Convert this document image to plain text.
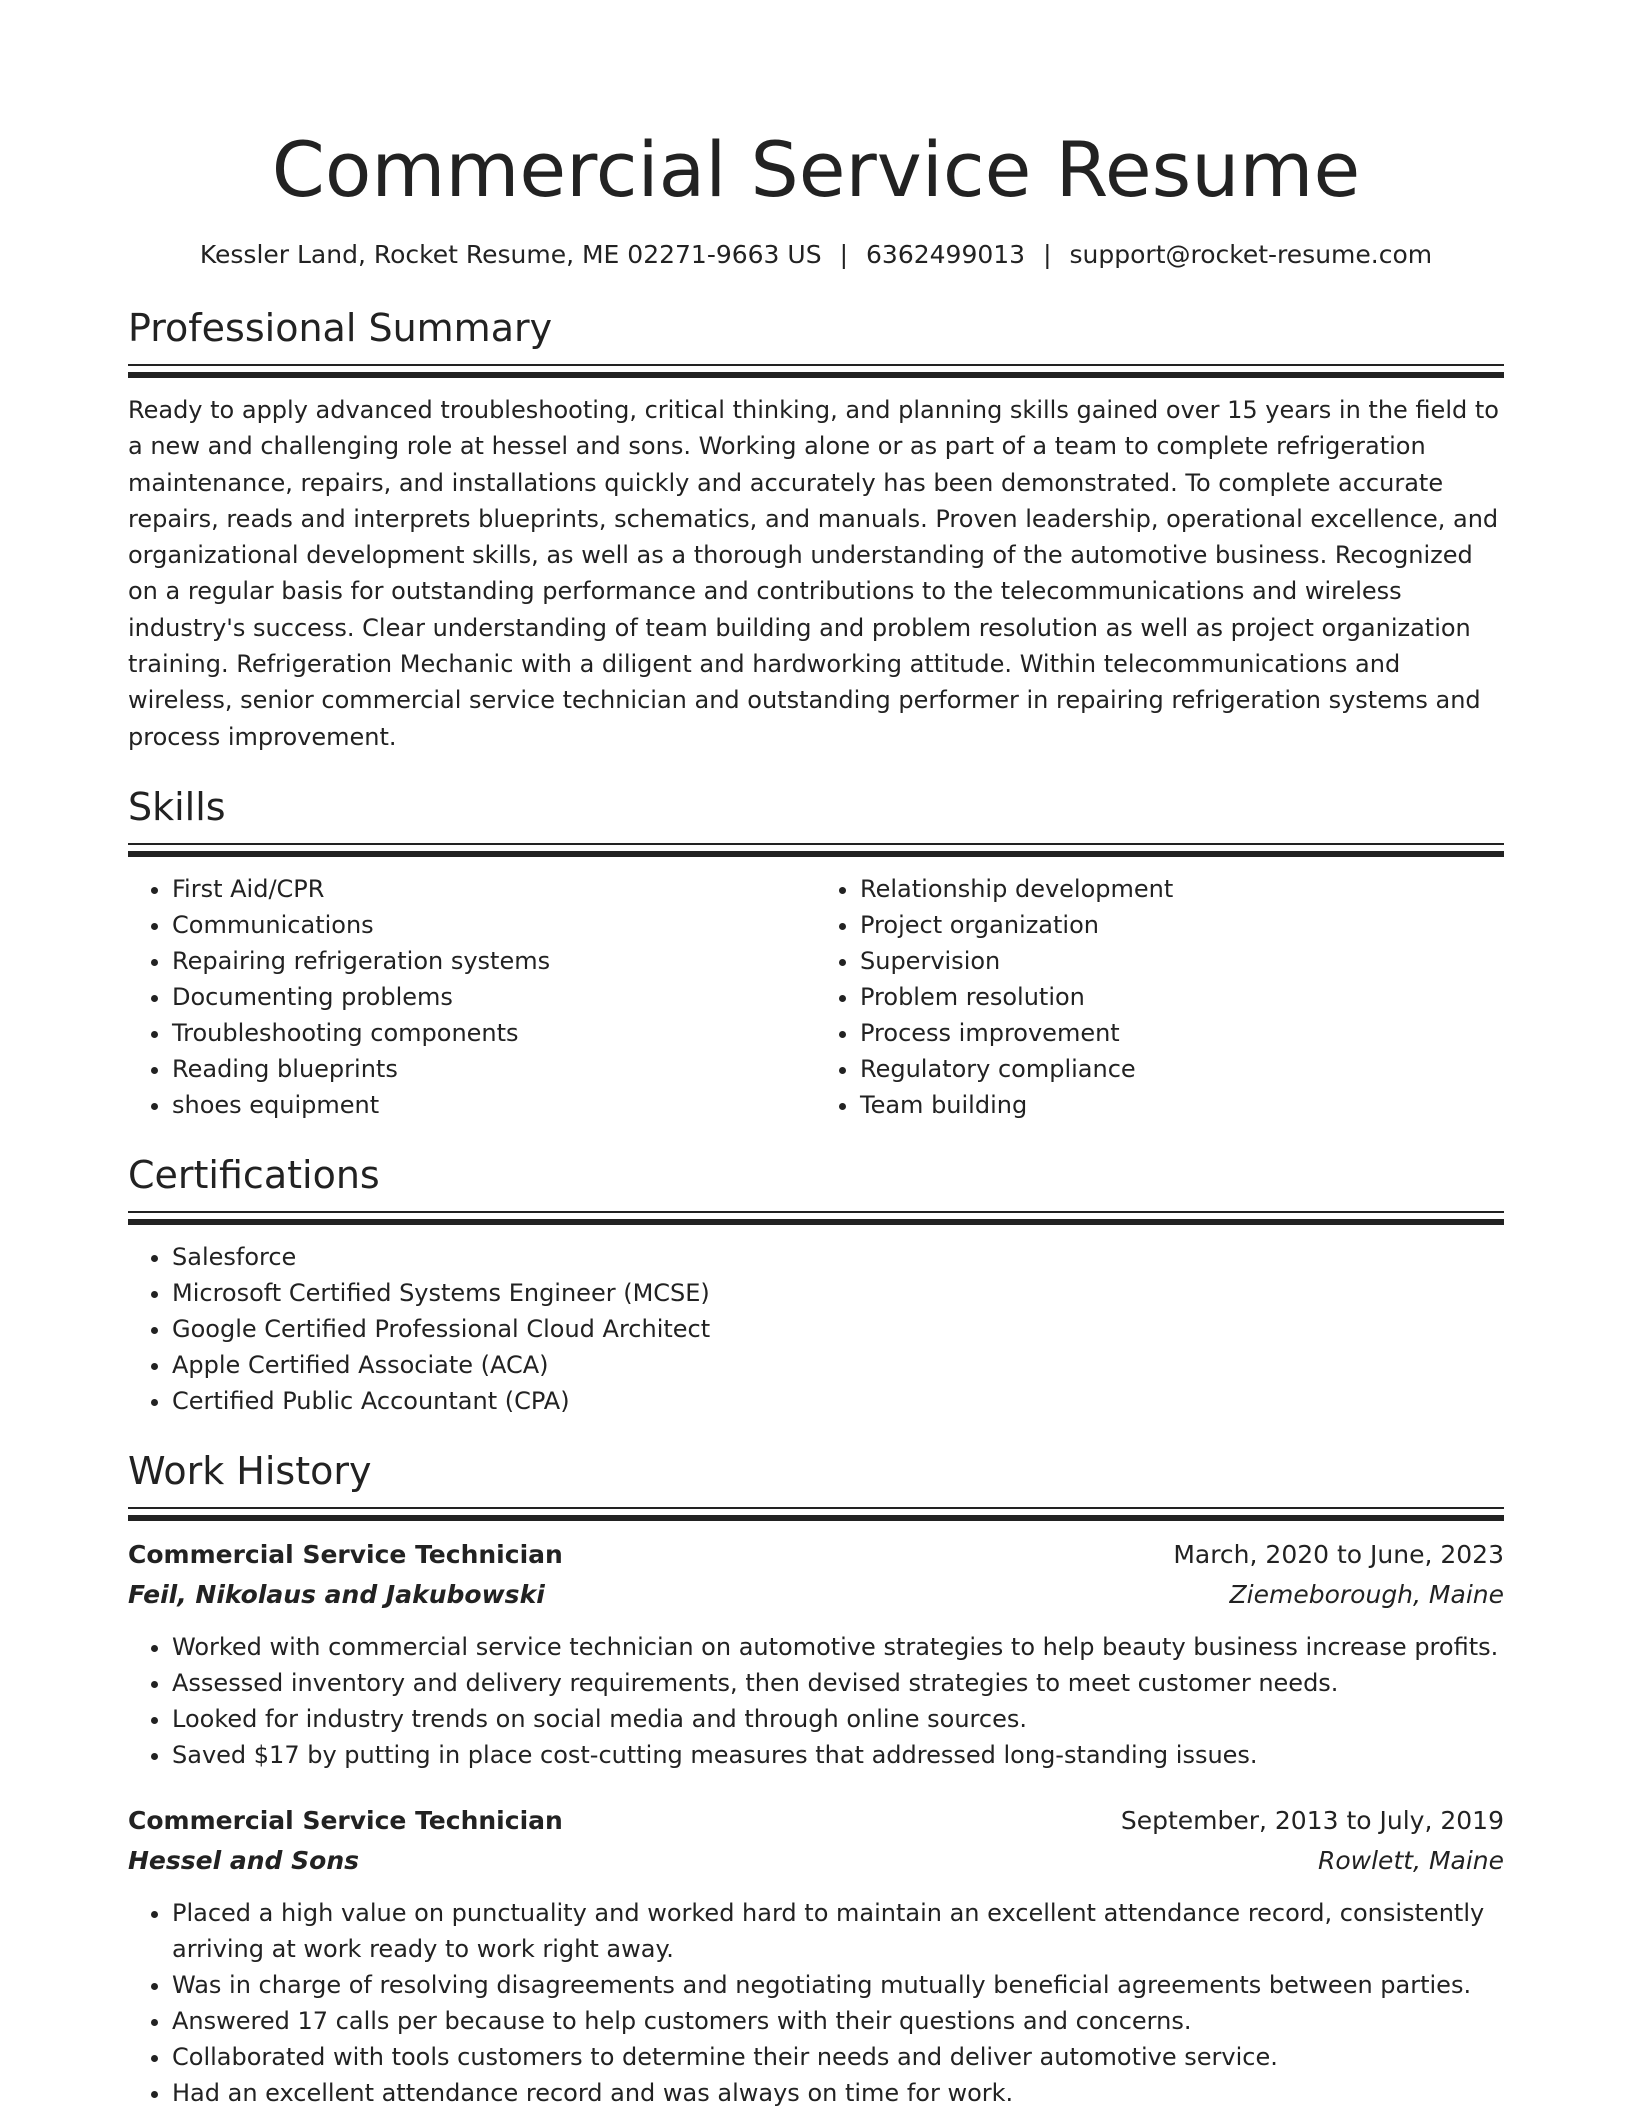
Commercial Service Resume
Kessler Land, Rocket Resume, ME 02271-9663 US | 6362499013 | support@rocket-resume.com
Professional Summary

Ready to apply advanced troubleshooting, critical thinking, and planning skills gained over 15 years in the field to a new and challenging role at hessel and sons. Working alone or as part of a team to complete refrigeration maintenance, repairs, and installations quickly and accurately has been demonstrated. To complete accurate repairs, reads and interprets blueprints, schematics, and manuals. Proven leadership, operational excellence, and organizational development skills, as well as a thorough understanding of the automotive business. Recognized on a regular basis for outstanding performance and contributions to the telecommunications and wireless industry's success. Clear understanding of team building and problem resolution as well as project organization training. Refrigeration Mechanic with a diligent and hardworking attitude. Within telecommunications and wireless, senior commercial service technician and outstanding performer in repairing refrigeration systems and process improvement.

Skills
• First Aid/CPR
• Communications
• Repairing refrigeration systems
• Documenting problems
• Troubleshooting components
• Reading blueprints
• shoes equipment
• Relationship development
• Project organization
• Supervision
• Problem resolution
• Process improvement
• Regulatory compliance
• Team building
Certifications
• Salesforce
• Microsoft Certified Systems Engineer (MCSE)
• Google Certified Professional Cloud Architect
• Apple Certified Associate (ACA)
• Certified Public Accountant (CPA)
Work History
Commercial Service Technician	March, 2020 to June, 2023
Feil, Nikolaus and Jakubowski	Ziemeborough, Maine
• Worked with commercial service technician on automotive strategies to help beauty business increase profits.
• Assessed inventory and delivery requirements, then devised strategies to meet customer needs.
• Looked for industry trends on social media and through online sources.
• Saved $17 by putting in place cost-cutting measures that addressed long-standing issues.
Commercial Service Technician	September, 2013 to July, 2019
Hessel and Sons	Rowlett, Maine
• Placed a high value on punctuality and worked hard to maintain an excellent attendance record, consistently arriving at work ready to work right away.
• Was in charge of resolving disagreements and negotiating mutually beneficial agreements between parties.
• Answered 17 calls per because to help customers with their questions and concerns.
• Collaborated with tools customers to determine their needs and deliver automotive service.
• Had an excellent attendance record and was always on time for work.
